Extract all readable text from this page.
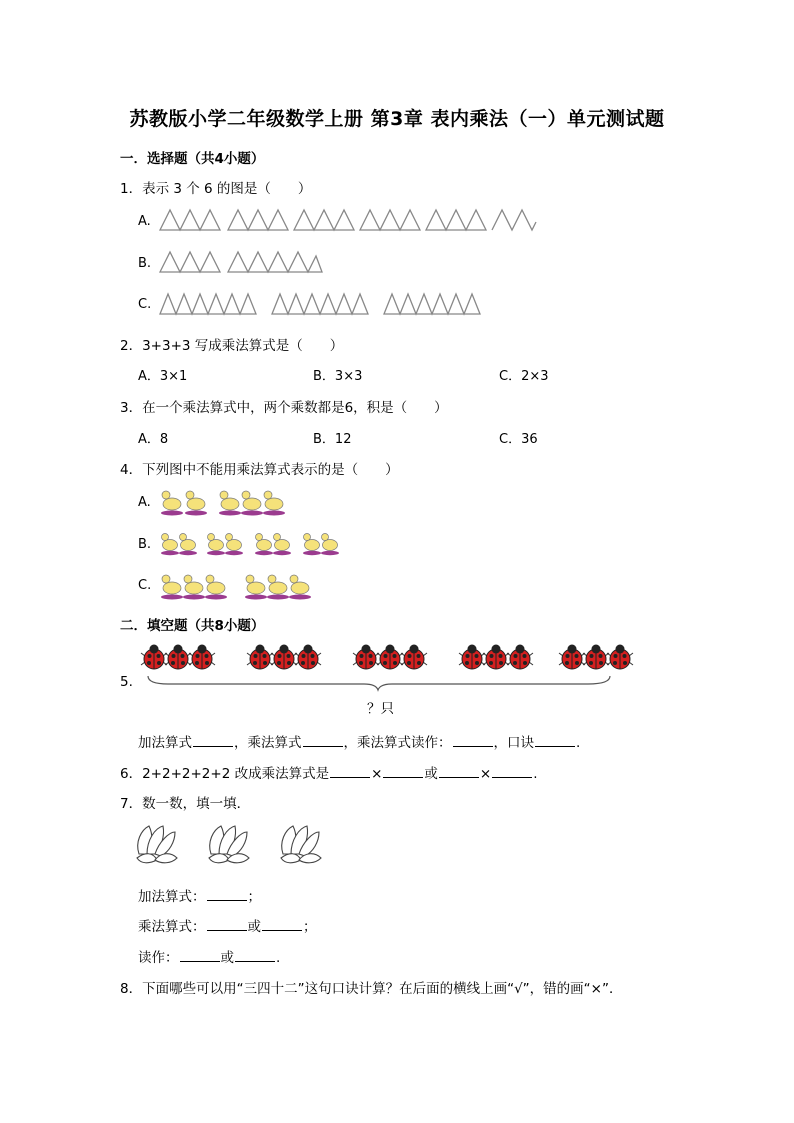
苏教版小学二年级数学上册 第3章 表内乘法（一）单元测试题
一．选择题（共4小题）
1．表示 3 个 6 的图是（　　）
A.
B.
C.
2．3+3+3 写成乘法算式是（　　）
A．3×1	B．3×3	C．2×3
3．在一个乘法算式中，两个乘数都是6，积是（　　）
A．8	B．12	C．36
4．下列图中不能用乘法算式表示的是（　　）
A.
B.
C.
二．填空题（共8小题）
5.
？只
加法算式	，乘法算式	，乘法算式读作：	，口诀	.
6．2+2+2+2+2 改成乘法算式是	×	或	×	.
7．数一数，填一填．
加法算式：	；
乘法算式：	或	；
读作：	或	.
8．下面哪些可以用“三四十二”这句口诀计算？在后面的横线上画“√”，错的画“×”．
